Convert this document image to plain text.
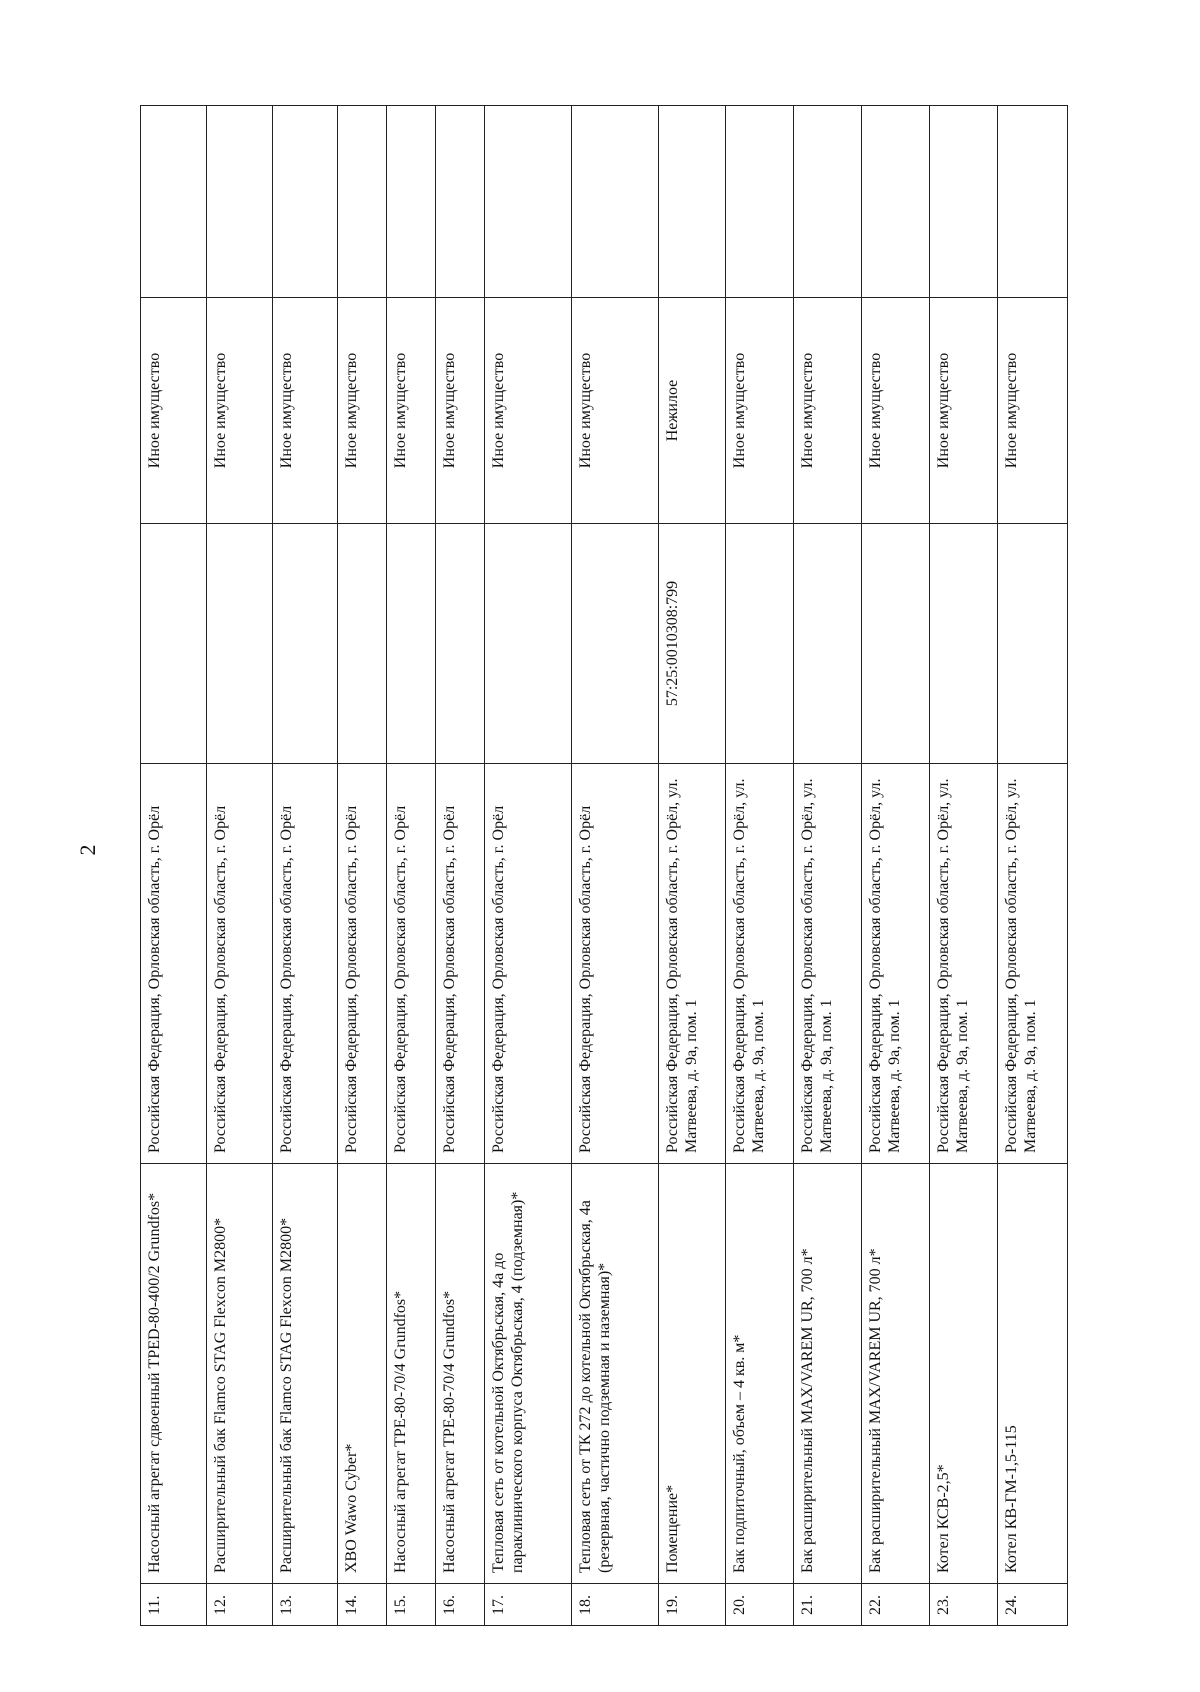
2
11.	Насосный агрегат сдвоенный TPED-80-400/2 Grundfos*	Российская Федерация, Орловская область, г. Орёл		Иное имущество	
12.	Расширительный бак Flamco STAG Flexcon M2800*	Российская Федерация, Орловская область, г. Орёл		Иное имущество	
13.	Расширительный бак Flamco STAG Flexcon M2800*	Российская Федерация, Орловская область, г. Орёл		Иное имущество	
14.	ХВО Wawo Cyber*	Российская Федерация, Орловская область, г. Орёл		Иное имущество	
15.	Насосный агрегат TPE-80-70/4 Grundfos*	Российская Федерация, Орловская область, г. Орёл		Иное имущество	
16.	Насосный агрегат TPE-80-70/4 Grundfos*	Российская Федерация, Орловская область, г. Орёл		Иное имущество	
17.	Тепловая сеть от котельной Октябрьская, 4а до параклинического корпуса Октябрьская, 4 (подземная)*	Российская Федерация, Орловская область, г. Орёл		Иное имущество	
18.	Тепловая сеть от ТК 272 до котельной Октябрьская, 4а (резервная, частично подземная и наземная)*	Российская Федерация, Орловская область, г. Орёл		Иное имущество	
19.	Помещение*	Российская Федерация, Орловская область, г. Орёл, ул. Матвеева, д. 9а, пом. 1	57:25:0010308:799	Нежилое	
20.	Бак подпиточный, объем – 4 кв. м*	Российская Федерация, Орловская область, г. Орёл, ул. Матвеева, д. 9а, пом. 1		Иное имущество	
21.	Бак расширительный MAX/VAREM UR, 700 л*	Российская Федерация, Орловская область, г. Орёл, ул. Матвеева, д. 9а, пом. 1		Иное имущество	
22.	Бак расширительный MAX/VAREM UR, 700 л*	Российская Федерация, Орловская область, г. Орёл, ул. Матвеева, д. 9а, пом. 1		Иное имущество	
23.	Котел КСВ-2,5*	Российская Федерация, Орловская область, г. Орёл, ул. Матвеева, д. 9а, пом. 1		Иное имущество	
24.	Котел КВ-ГМ-1,5-115	Российская Федерация, Орловская область, г. Орёл, ул. Матвеева, д. 9а, пом. 1		Иное имущество	
